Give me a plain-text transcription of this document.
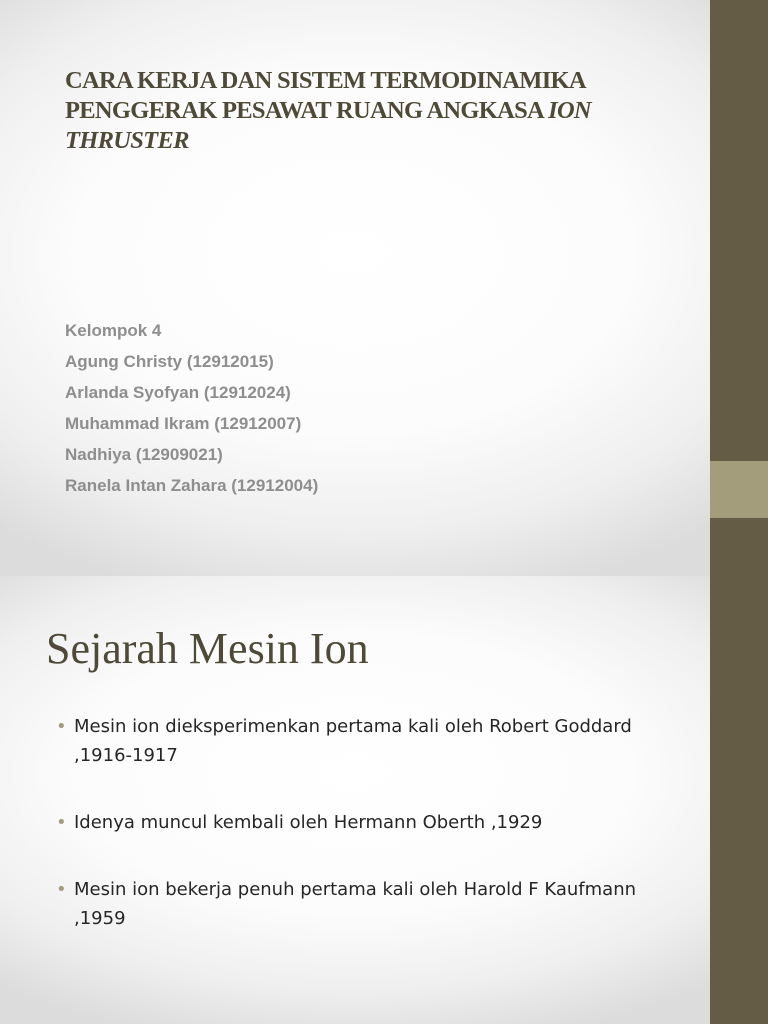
CARA KERJA DAN SISTEM TERMODINAMIKA PENGGERAK PESAWAT RUANG ANGKASA ION THRUSTER
Kelompok 4
Agung Christy (12912015)
Arlanda Syofyan (12912024)
Muhammad Ikram (12912007)
Nadhiya (12909021)
Ranela Intan Zahara (12912004)
Sejarah Mesin Ion
• Mesin ion dieksperimenkan pertama kali oleh Robert Goddard ,1916-1917
• Idenya muncul kembali oleh Hermann Oberth ,1929
• Mesin ion bekerja penuh pertama kali oleh Harold F Kaufmann ,1959
